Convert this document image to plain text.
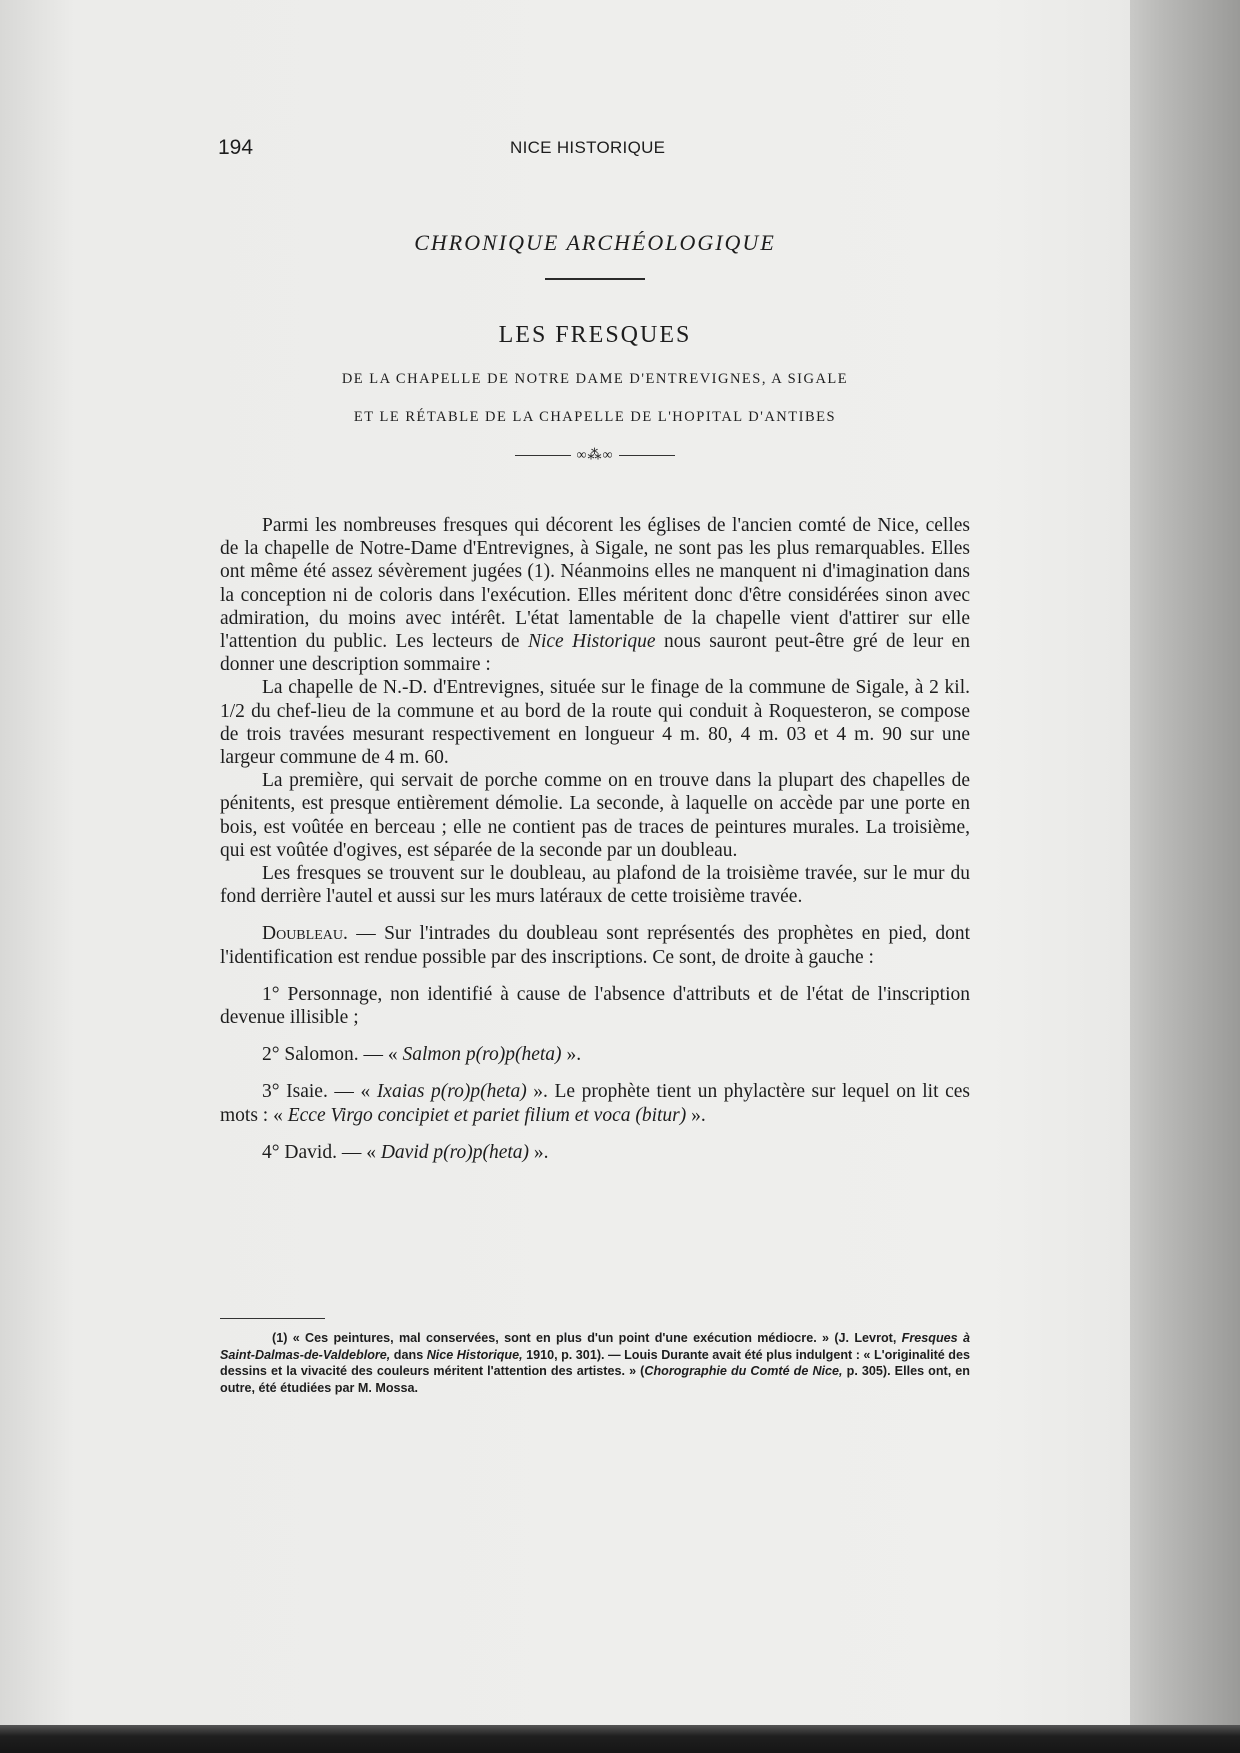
194	NICE HISTORIQUE
CHRONIQUE ARCHÉOLOGIQUE
LES FRESQUES
DE LA CHAPELLE DE NOTRE DAME D'ENTREVIGNES, A SIGALE
ET LE RÉTABLE DE LA CHAPELLE DE L'HOPITAL D'ANTIBES
∞⁂∞

Parmi les nombreuses fresques qui décorent les églises de l'ancien comté de Nice, celles de la chapelle de Notre-Dame d'Entrevignes, à Sigale, ne sont pas les plus remarquables. Elles ont même été assez sévèrement jugées (1). Néanmoins elles ne manquent ni d'imagination dans la conception ni de coloris dans l'exécution. Elles méritent donc d'être considérées sinon avec admiration, du moins avec intérêt. L'état lamentable de la chapelle vient d'attirer sur elle l'attention du public. Les lecteurs de Nice Historique nous sauront peut-être gré de leur en donner une description sommaire :

La chapelle de N.-D. d'Entrevignes, située sur le finage de la commune de Sigale, à 2 kil. 1/2 du chef-lieu de la commune et au bord de la route qui conduit à Roquesteron, se compose de trois travées mesurant respectivement en longueur 4 m. 80, 4 m. 03 et 4 m. 90 sur une largeur commune de 4 m. 60.

La première, qui servait de porche comme on en trouve dans la plupart des chapelles de pénitents, est presque entièrement démolie. La seconde, à laquelle on accède par une porte en bois, est voûtée en berceau ; elle ne contient pas de traces de peintures murales. La troisième, qui est voûtée d'ogives, est séparée de la seconde par un doubleau.

Les fresques se trouvent sur le doubleau, au plafond de la troisième travée, sur le mur du fond derrière l'autel et aussi sur les murs latéraux de cette troisième travée.

Doubleau. — Sur l'intrades du doubleau sont représentés des prophètes en pied, dont l'identification est rendue possible par des inscriptions. Ce sont, de droite à gauche :

1° Personnage, non identifié à cause de l'absence d'attributs et de l'état de l'inscription devenue illisible ;

2° Salomon. — « Salmon p(ro)p(heta) ».

3° Isaie. — « Ixaias p(ro)p(heta) ». Le prophète tient un phylactère sur lequel on lit ces mots : « Ecce Virgo concipiet et pariet filium et voca (bitur) ».

4° David. — « David p(ro)p(heta) ».

(1) « Ces peintures, mal conservées, sont en plus d'un point d'une exécution médiocre. » (J. Levrot, Fresques à Saint-Dalmas-de-Valdeblore, dans Nice Historique, 1910, p. 301). — Louis Durante avait été plus indulgent : « L'originalité des dessins et la vivacité des couleurs méritent l'attention des artistes. » (Chorographie du Comté de Nice, p. 305). Elles ont, en outre, été étudiées par M. Mossa.
